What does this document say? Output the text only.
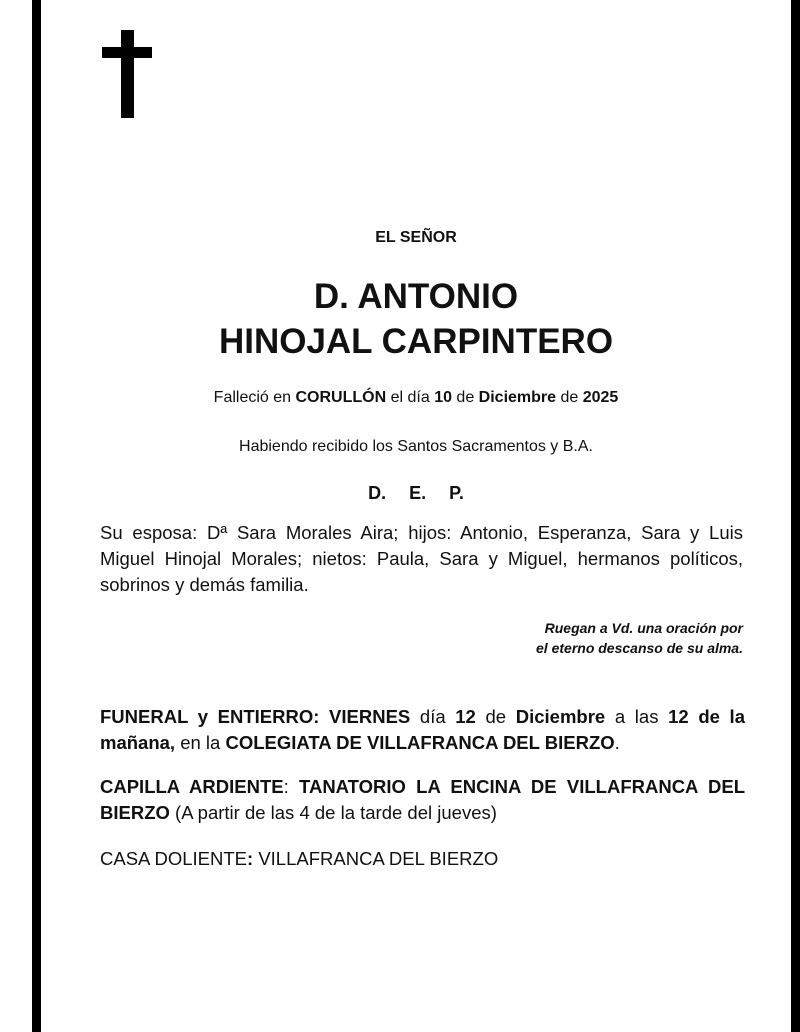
EL SEÑOR
D. ANTONIO
HINOJAL CARPINTERO
Falleció en CORULLÓN el día 10 de Diciembre de 2025
Habiendo recibido los Santos Sacramentos y B.A.
D. E. P.
Su esposa: Dª Sara Morales Aira; hijos: Antonio, Esperanza, Sara y Luis Miguel Hinojal Morales; nietos: Paula, Sara y Miguel, hermanos políticos, sobrinos y demás familia.
Ruegan a Vd. una oración por
el eterno descanso de su alma.
FUNERAL y ENTIERRO: VIERNES día 12 de Diciembre a las 12 de la mañana, en la COLEGIATA DE VILLAFRANCA DEL BIERZO.
CAPILLA ARDIENTE: TANATORIO LA ENCINA DE VILLAFRANCA DEL BIERZO (A partir de las 4 de la tarde del jueves)
CASA DOLIENTE: VILLAFRANCA DEL BIERZO
